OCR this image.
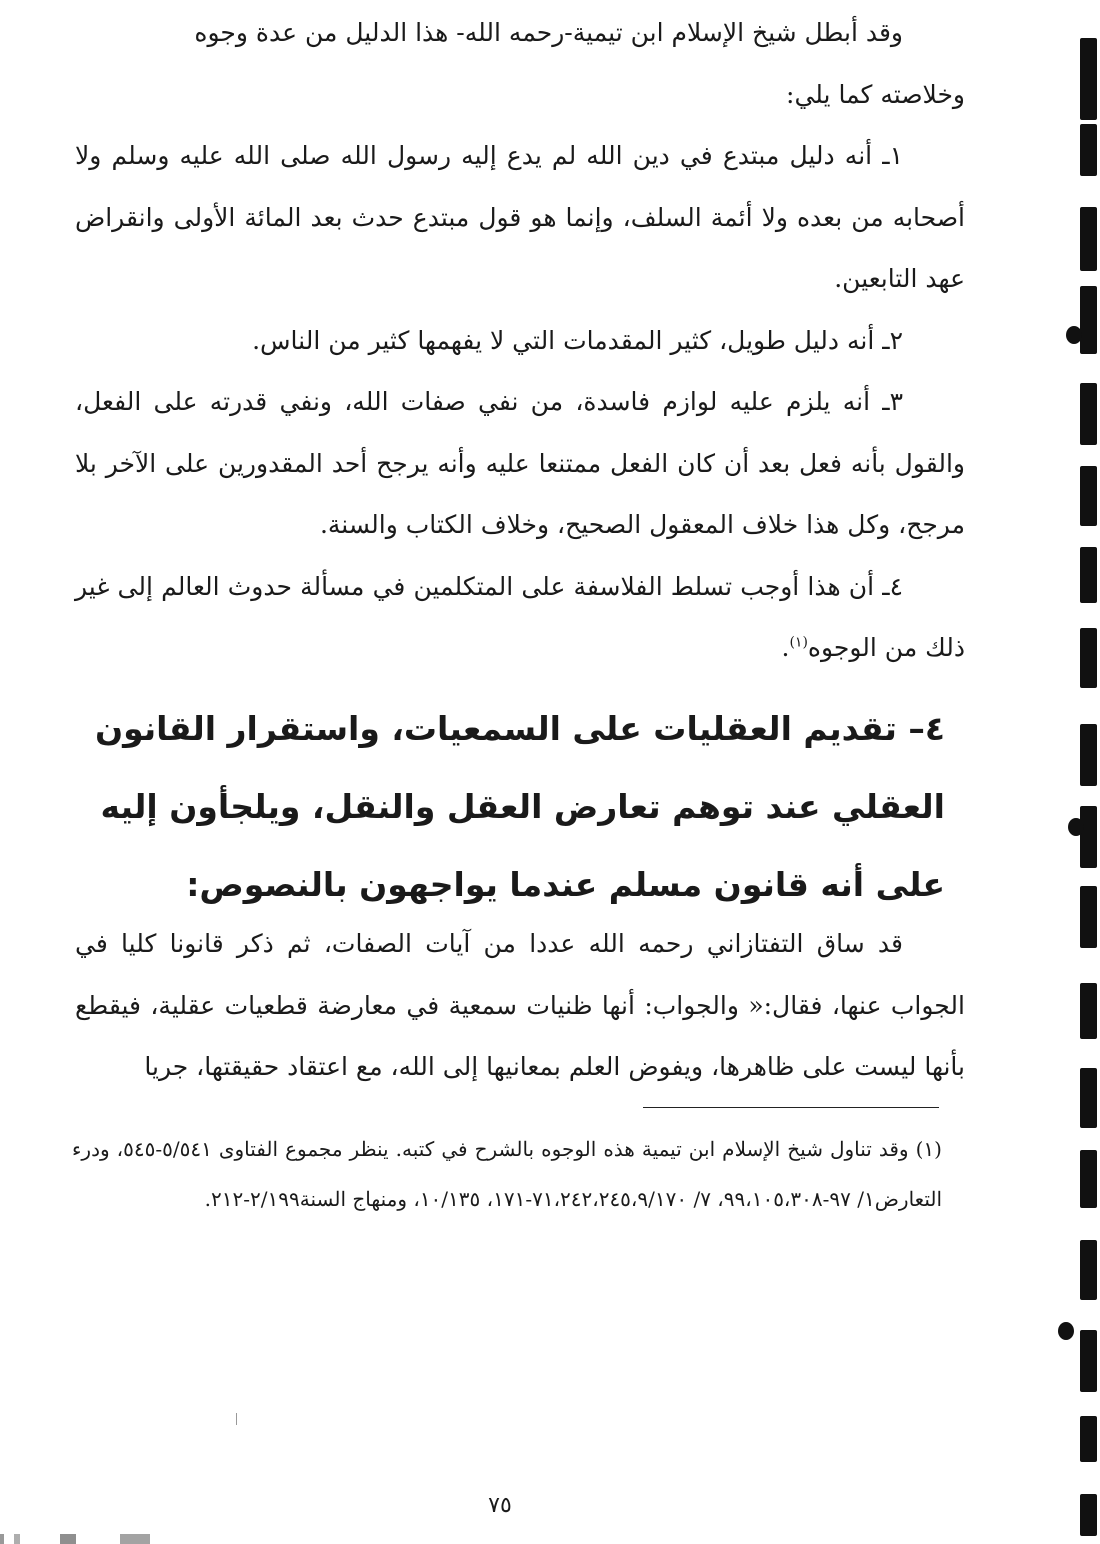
وقد أبطل شيخ الإسلام ابن تيمية-رحمه الله- هذا الدليل من عدة وجوه

وخلاصته كما يلي:

١ـ أنه دليل مبتدع في دين الله لم يدع إليه رسول الله صلى الله عليه وسلم ولا أصحابه من بعده ولا أئمة السلف، وإنما هو قول مبتدع حدث بعد المائة الأولى وانقراض عهد التابعين.

٢ـ أنه دليل طويل، كثير المقدمات التي لا يفهمها كثير من الناس.

٣ـ أنه يلزم عليه لوازم فاسدة، من نفي صفات الله، ونفي قدرته على الفعل، والقول بأنه فعل بعد أن كان الفعل ممتنعا عليه وأنه يرجح أحد المقدورين على الآخر بلا مرجح، وكل هذا خلاف المعقول الصحيح، وخلاف الكتاب والسنة.

٤ـ أن هذا أوجب تسلط الفلاسفة على المتكلمين في مسألة حدوث العالم إلى غير ذلك من الوجوه$^{(١)}$.

٤– تقديم العقليات على السمعيات، واستقرار القانون العقلي عند توهم تعارض العقل والنقل، ويلجأون إليه على أنه قانون مسلم عندما يواجهون بالنصوص:

قد ساق التفتازاني رحمه الله عددا من آيات الصفات، ثم ذكر قانونا كليا في الجواب عنها، فقال:« والجواب: أنها ظنيات سمعية في معارضة قطعيات عقلية، فيقطع بأنها ليست على ظاهرها، ويفوض العلم بمعانيها إلى الله، مع اعتقاد حقيقتها، جريا

(١) وقد تناول شيخ الإسلام ابن تيمية هذه الوجوه بالشرح في كتبه. ينظر مجموع الفتاوى ٥/٥٤١-٥٤٥، ودرء التعارض١/ ٩٧-٩٩،١٠٥،٣٠٨، ٧/ ٧١،٢٤٢،٢٤٥،٩/١٧٠-١٧١، ١٠/١٣٥، ومنهاج السنة٢/١٩٩-٢١٢.

٧٥
